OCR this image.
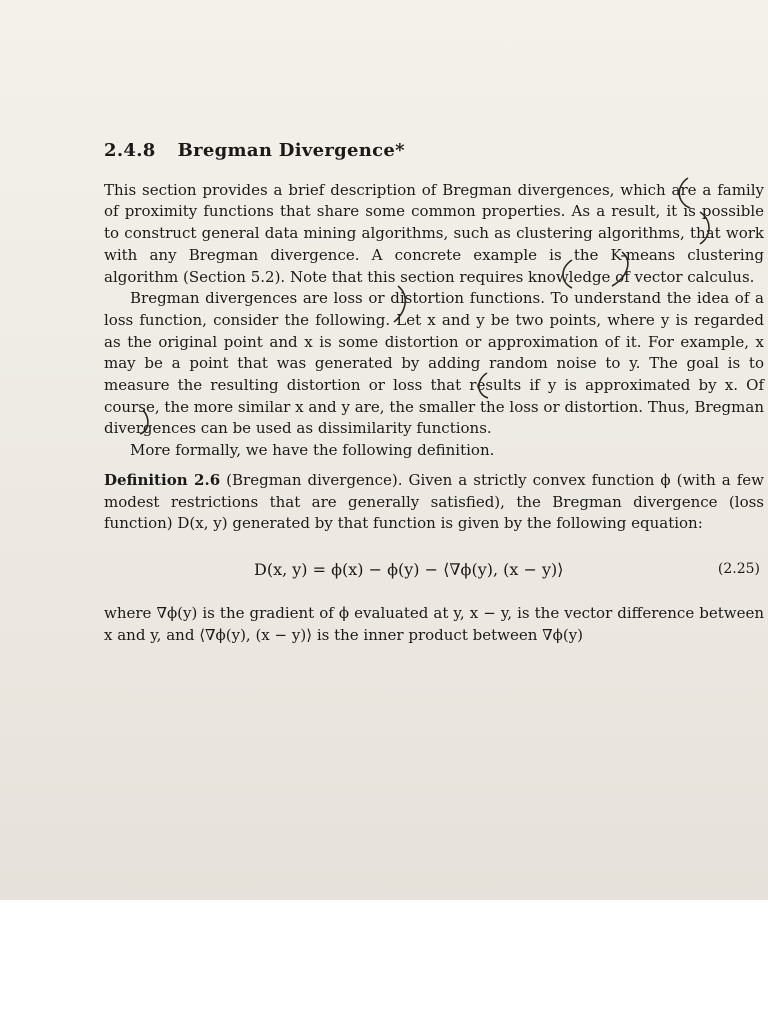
2.4.8 Bregman Divergence*

This section provides a brief description of Bregman divergences, which are a family of proximity functions that share some common properties. As a result, it is possible to construct general data mining algorithms, such as clustering algorithms, that work with any Bregman divergence. A concrete example is the K-means clustering algorithm (Section 5.2). Note that this section requires knowledge of vector calculus.

Bregman divergences are loss or distortion functions. To understand the idea of a loss function, consider the following. Let x and y be two points, where y is regarded as the original point and x is some distortion or approximation of it. For example, x may be a point that was generated by adding random noise to y. The goal is to measure the resulting distortion or loss that results if y is approximated by x. Of course, the more similar x and y are, the smaller the loss or distortion. Thus, Bregman divergences can be used as dissimilarity functions.

More formally, we have the following definition.

Definition 2.6 (Bregman divergence). Given a strictly convex function ϕ (with a few modest restrictions that are generally satisfied), the Bregman divergence (loss function) D(x, y) generated by that function is given by the following equation:

D(x, y) = ϕ(x) − ϕ(y) − ⟨∇ϕ(y), (x − y)⟩	(2.25)

where ∇ϕ(y) is the gradient of ϕ evaluated at y, x − y, is the vector difference between x and y, and ⟨∇ϕ(y), (x − y)⟩ is the inner product between ∇ϕ(y)
